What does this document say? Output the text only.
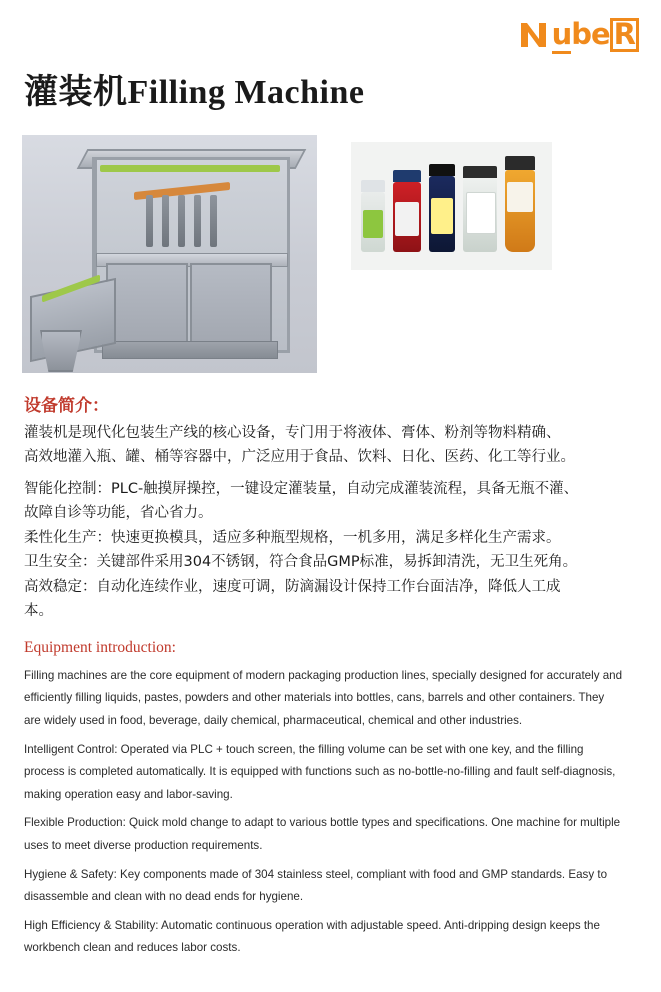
ube R
灌装机Filling Machine
设备简介：

灌装机是现代化包装生产线的核心设备，专门用于将液体、膏体、粉剂等物料精确、

高效地灌入瓶、罐、桶等容器中，广泛应用于食品、饮料、日化、医药、化工等行业。

智能化控制：PLC-触摸屏操控，一键设定灌装量，自动完成灌装流程，具备无瓶不灌、

故障自诊等功能，省心省力。

柔性化生产：快速更换模具，适应多种瓶型规格，一机多用，满足多样化生产需求。

卫生安全：关键部件采用304不锈钢，符合食品GMP标准，易拆卸清洗，无卫生死角。

高效稳定：自动化连续作业，速度可调，防滴漏设计保持工作台面洁净，降低人工成

本。

Equipment introduction:

Filling machines are the core equipment of modern packaging production lines, specially designed for accurately and efficiently filling liquids, pastes, powders and other materials into bottles, cans, barrels and other containers. They are widely used in food, beverage, daily chemical, pharmaceutical, chemical and other industries.

Intelligent Control: Operated via PLC + touch screen, the filling volume can be set with one key, and the filling process is completed automatically. It is equipped with functions such as no-bottle-no-filling and fault self-diagnosis, making operation easy and labor-saving.

Flexible Production: Quick mold change to adapt to various bottle types and specifications. One machine for multiple uses to meet diverse production requirements.

Hygiene & Safety: Key components made of 304 stainless steel, compliant with food and GMP standards. Easy to disassemble and clean with no dead ends for hygiene.

High Efficiency & Stability: Automatic continuous operation with adjustable speed. Anti-dripping design keeps the workbench clean and reduces labor costs.
